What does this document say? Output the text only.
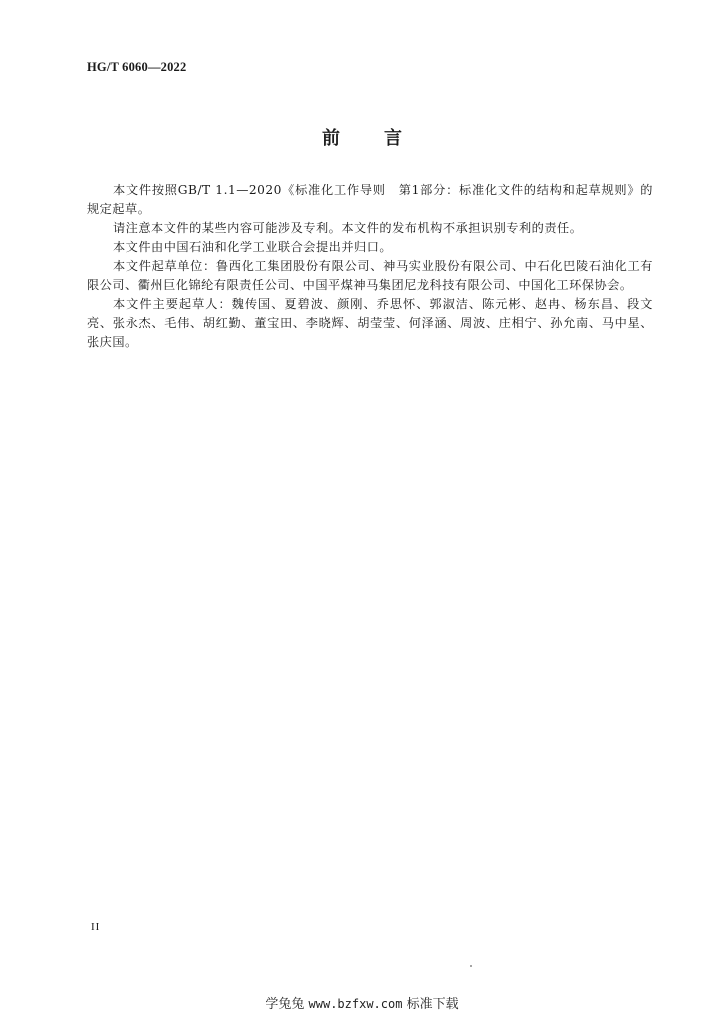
HG/T 6060—2022
前言

本文件按照GB/T 1.1—2020《标准化工作导则　第1部分：标准化文件的结构和起草规则》的规定起草。

请注意本文件的某些内容可能涉及专利。本文件的发布机构不承担识别专利的责任。

本文件由中国石油和化学工业联合会提出并归口。

本文件起草单位：鲁西化工集团股份有限公司、神马实业股份有限公司、中石化巴陵石油化工有限公司、衢州巨化锦纶有限责任公司、中国平煤神马集团尼龙科技有限公司、中国化工环保协会。

本文件主要起草人：魏传国、夏碧波、颜刚、乔思怀、郭淑洁、陈元彬、赵冉、杨东昌、段文亮、张永杰、毛伟、胡红勤、董宝田、李晓辉、胡莹莹、何泽涵、周波、庄相宁、孙允南、马中星、张庆国。

II
学兔兔 www.bzfxw.com 标准下载
